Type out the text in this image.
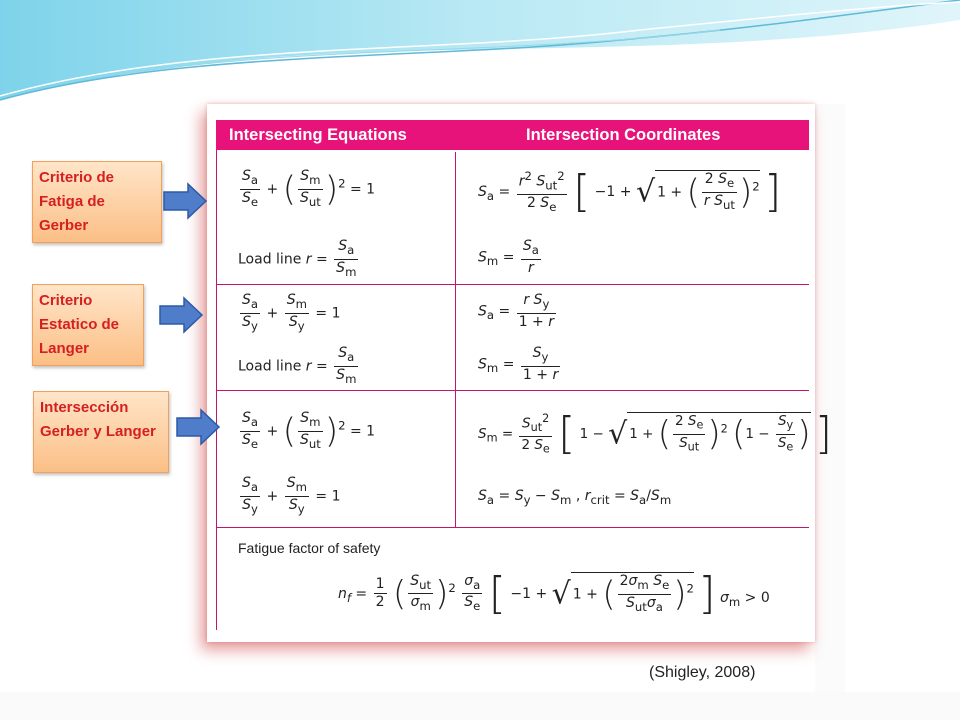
Intersecting Equations	Intersection Coordinates
$\frac{S_a}{S_e}$ + ( $\frac{S_m}{S_{ut}} )^2 = 1$
Load line $r = \frac{S_a}{S_m}$
$S_a = \frac{r^2 S_{ut}^2}{2 S_e}$ [ −1 + √ 1 + ( $\frac{2 S_e}{r S_{ut}} )^2$ ]
$S_m = \frac{S_a}{r}$
$\frac{S_a}{S_y} + \frac{S_m}{S_y} = 1$
Load line $r = \frac{S_a}{S_m}$
$S_a = \frac{r S_y}{1 + r}$
$S_m = \frac{S_y}{1 + r}$
$\frac{S_a}{S_e}$ + ( $\frac{S_m}{S_{ut}} )^2 = 1$
$\frac{S_a}{S_y} + \frac{S_m}{S_y} = 1$
$S_m = \frac{S_{ut}^2}{2 S_e}$ [ 1 − √ 1 + ( $\frac{2 S_e}{S_{ut}} )^2$ ($1 - \frac{S_y}{S_e}$ ) ]
$S_a = S_y - S_m$ , $r_{crit} = S_a/S_m$
Fatigue factor of safety
$n_f = \frac{1}{2}$ ( $\frac{S_{ut}}{\sigma_m} )^2 \frac{\sigma_a}{S_e}$ [ −1 + √ 1 + ( $\frac{2\sigma_m S_e}{S_{ut}\sigma_a} )^2$ ] $\sigma_m > 0$
Criterio de Fatiga de Gerber
Criterio Estatico de Langer
Intersección Gerber y Langer
(Shigley, 2008)
